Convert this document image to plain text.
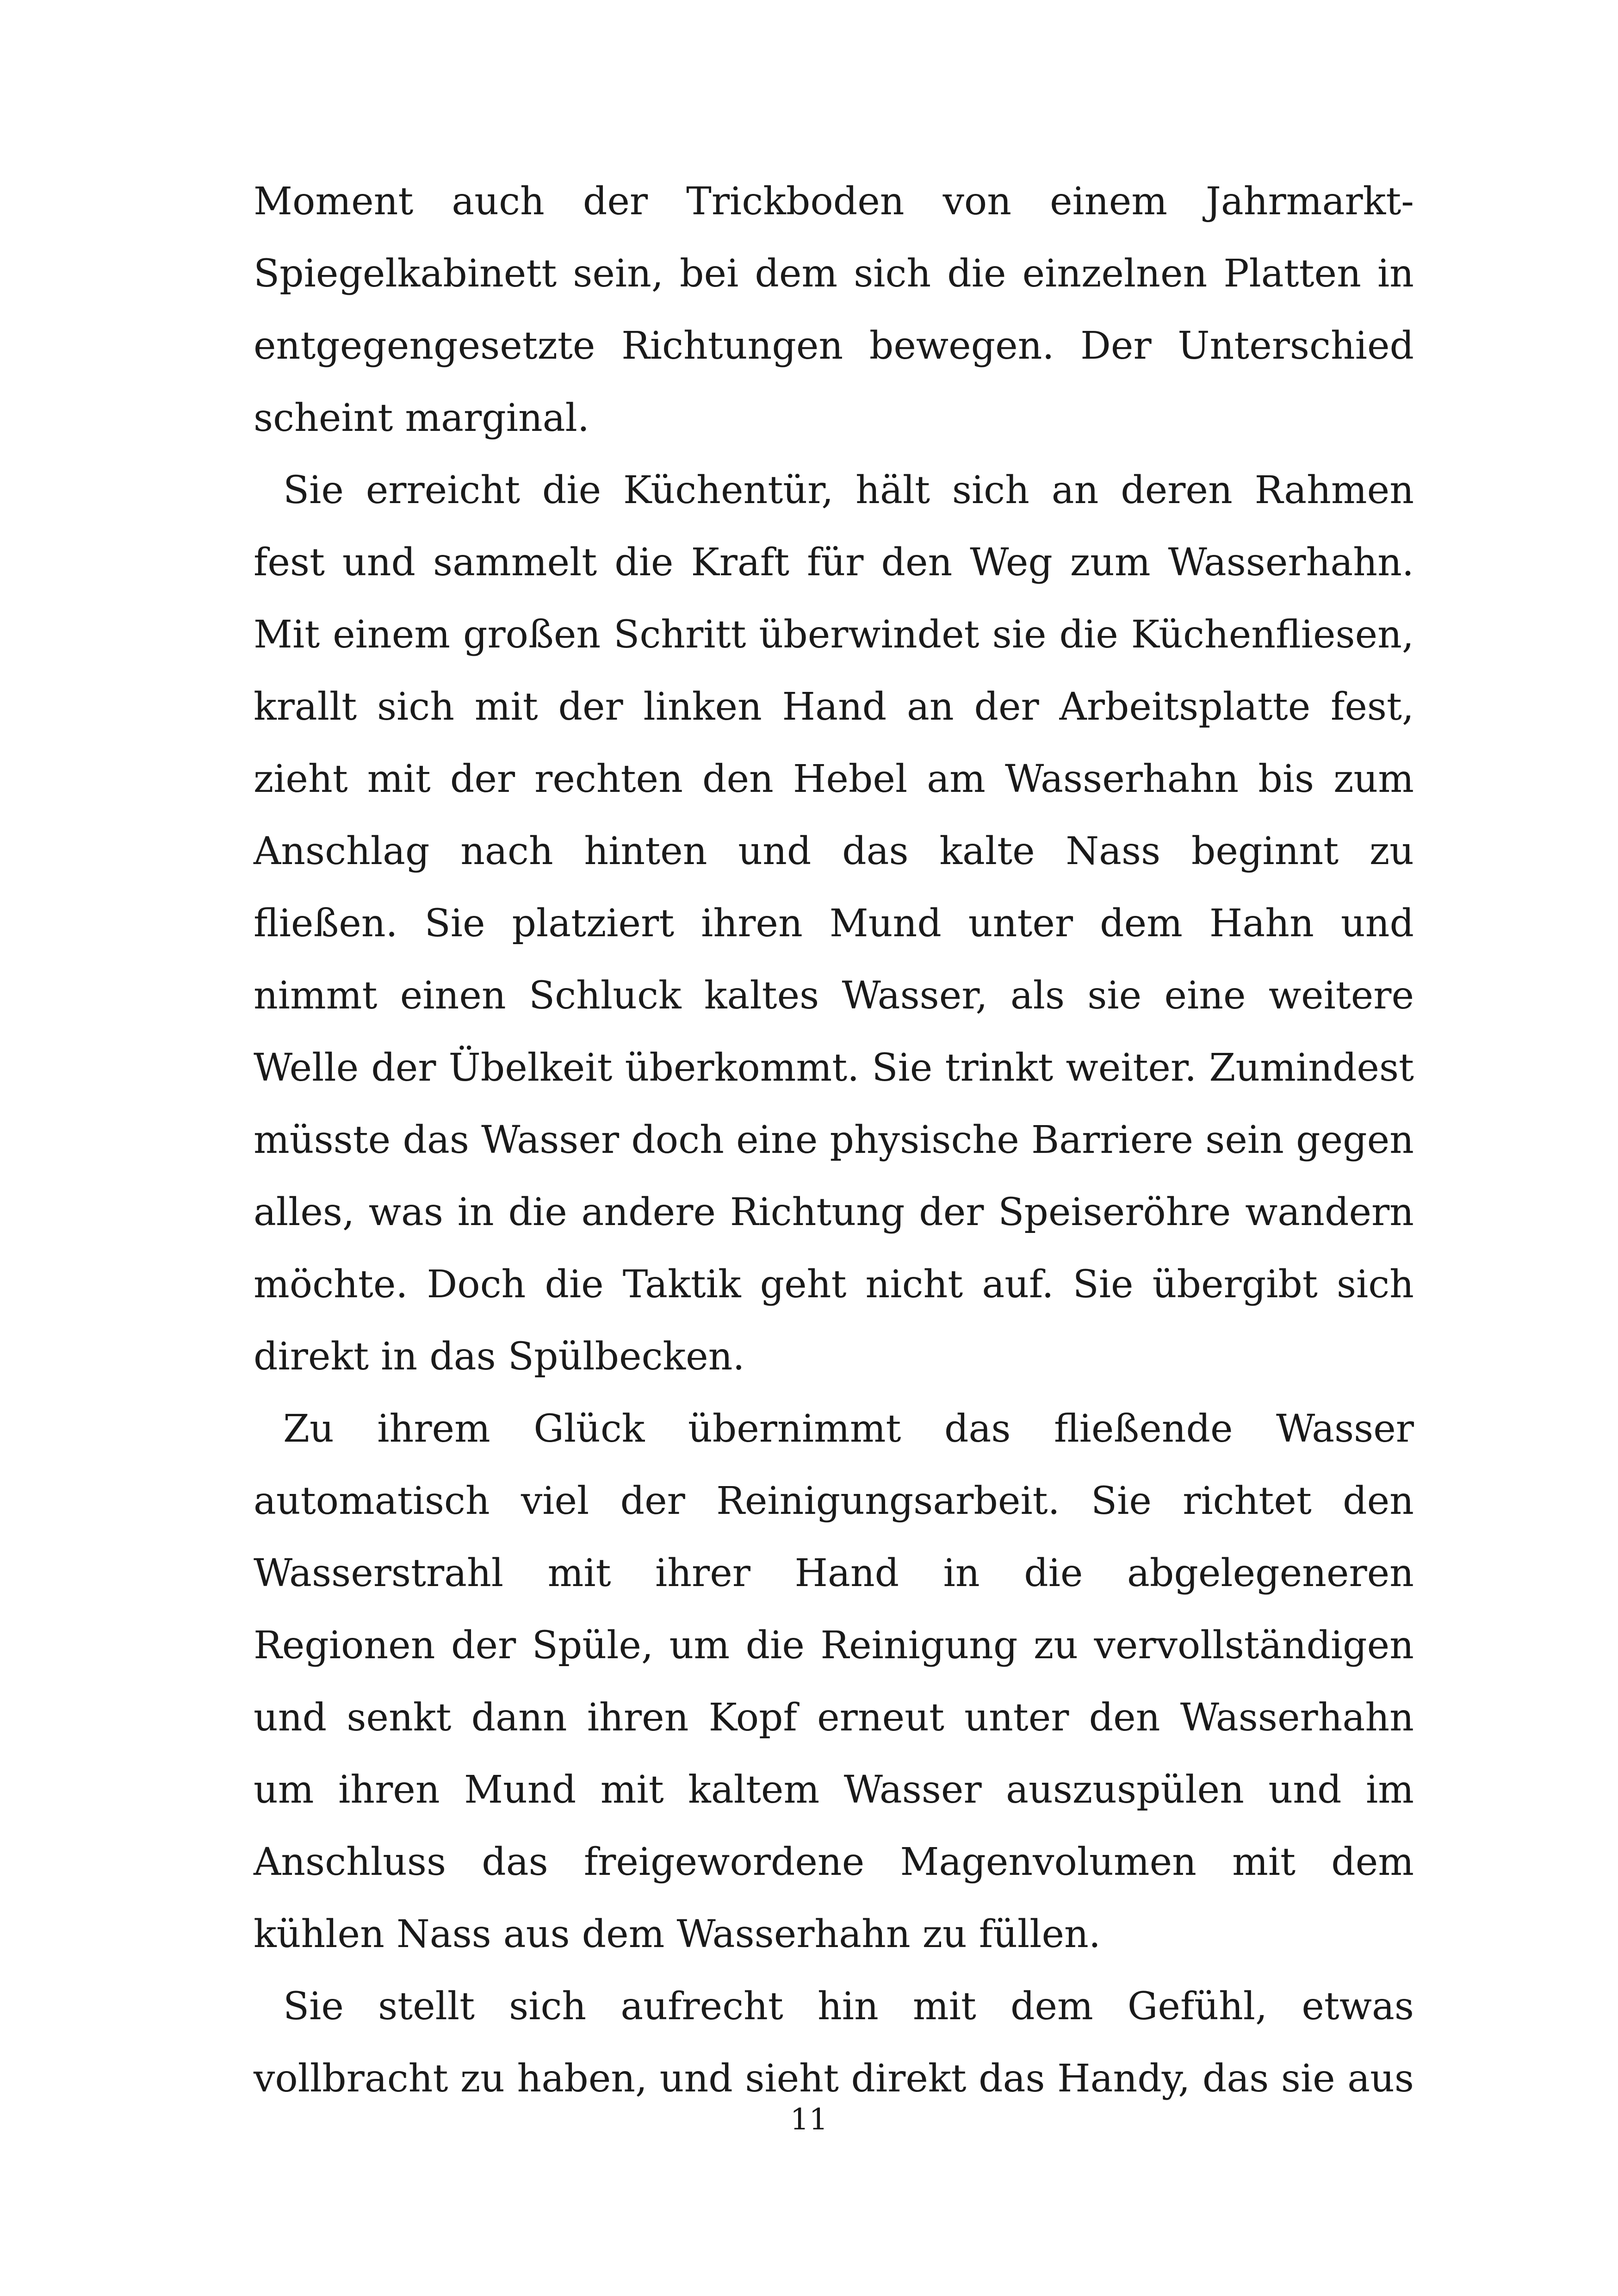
Moment auch der Trickboden von einem Jahrmarkt-Spiegelkabinett sein, bei dem sich die einzelnen Platten in entgegengesetzte Richtungen bewegen. Der Unterschied scheint marginal.

Sie erreicht die Küchentür, hält sich an deren Rahmen fest und sammelt die Kraft für den Weg zum Wasserhahn. Mit einem großen Schritt überwindet sie die Küchenfliesen, krallt sich mit der linken Hand an der Arbeitsplatte fest, zieht mit der rechten den Hebel am Wasserhahn bis zum Anschlag nach hinten und das kalte Nass beginnt zu fließen. Sie platziert ihren Mund unter dem Hahn und nimmt einen Schluck kaltes Wasser, als sie eine weitere Welle der Übelkeit überkommt. Sie trinkt weiter. Zumindest müsste das Wasser doch eine physische Barriere sein gegen alles, was in die andere Richtung der Speiseröhre wandern möchte. Doch die Taktik geht nicht auf. Sie übergibt sich direkt in das Spülbecken.

Zu ihrem Glück übernimmt das fließende Wasser automatisch viel der Reinigungsarbeit. Sie richtet den Wasserstrahl mit ihrer Hand in die abgelegeneren Regionen der Spüle, um die Reinigung zu vervollständigen und senkt dann ihren Kopf erneut unter den Wasserhahn um ihren Mund mit kaltem Wasser auszuspülen und im Anschluss das freigewordene Magenvolumen mit dem kühlen Nass aus dem Wasserhahn zu füllen.

Sie stellt sich aufrecht hin mit dem Gefühl, etwas vollbracht zu haben, und sieht direkt das Handy, das sie aus

11
